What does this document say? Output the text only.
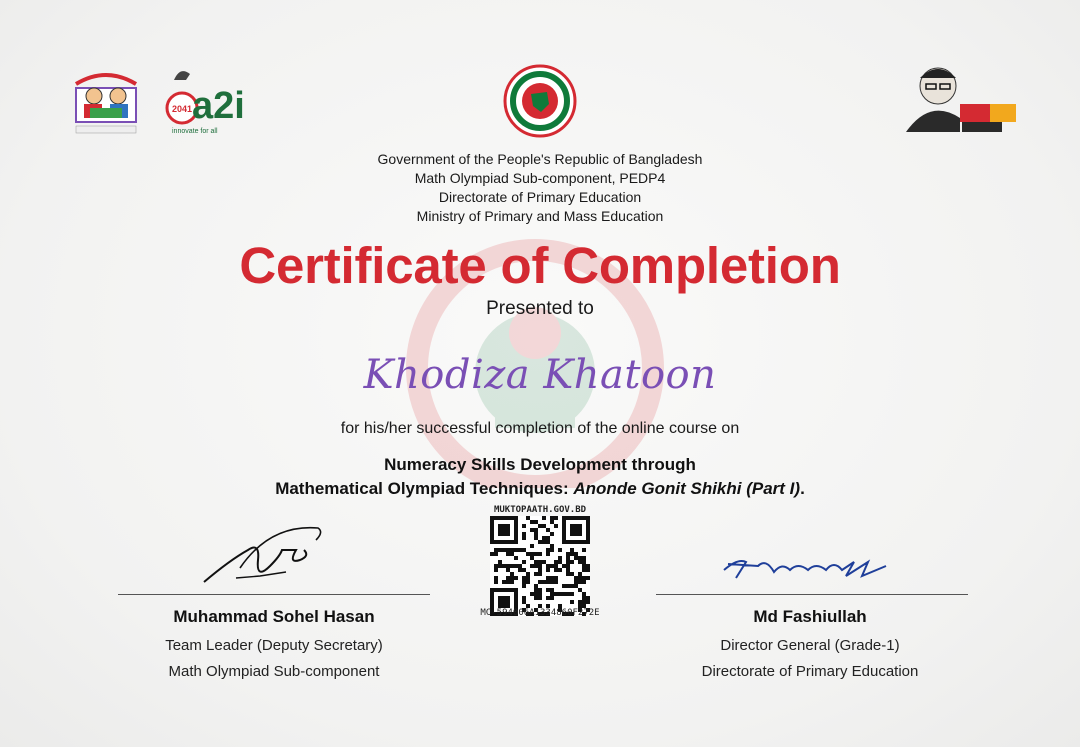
2041 a2i
innovate for all
Government of the People's Republic of Bangladesh
Math Olympiad Sub-component, PEDP4
Directorate of Primary Education
Ministry of Primary and Mass Education
Certificate of Completion
Presented to
Khodiza Khatoon
for his/her successful completion of the online course on
Numeracy Skills Development through
Mathematical Olympiad Techniques: Anonde Gonit Shikhi (Part I).
MUKTOPAATH.GOV.BD
MC-594006A1334860F272E
Muhammad Sohel Hasan
Team Leader (Deputy Secretary)
Math Olympiad Sub-component
Md Fashiullah
Director General (Grade-1)
Directorate of Primary Education
